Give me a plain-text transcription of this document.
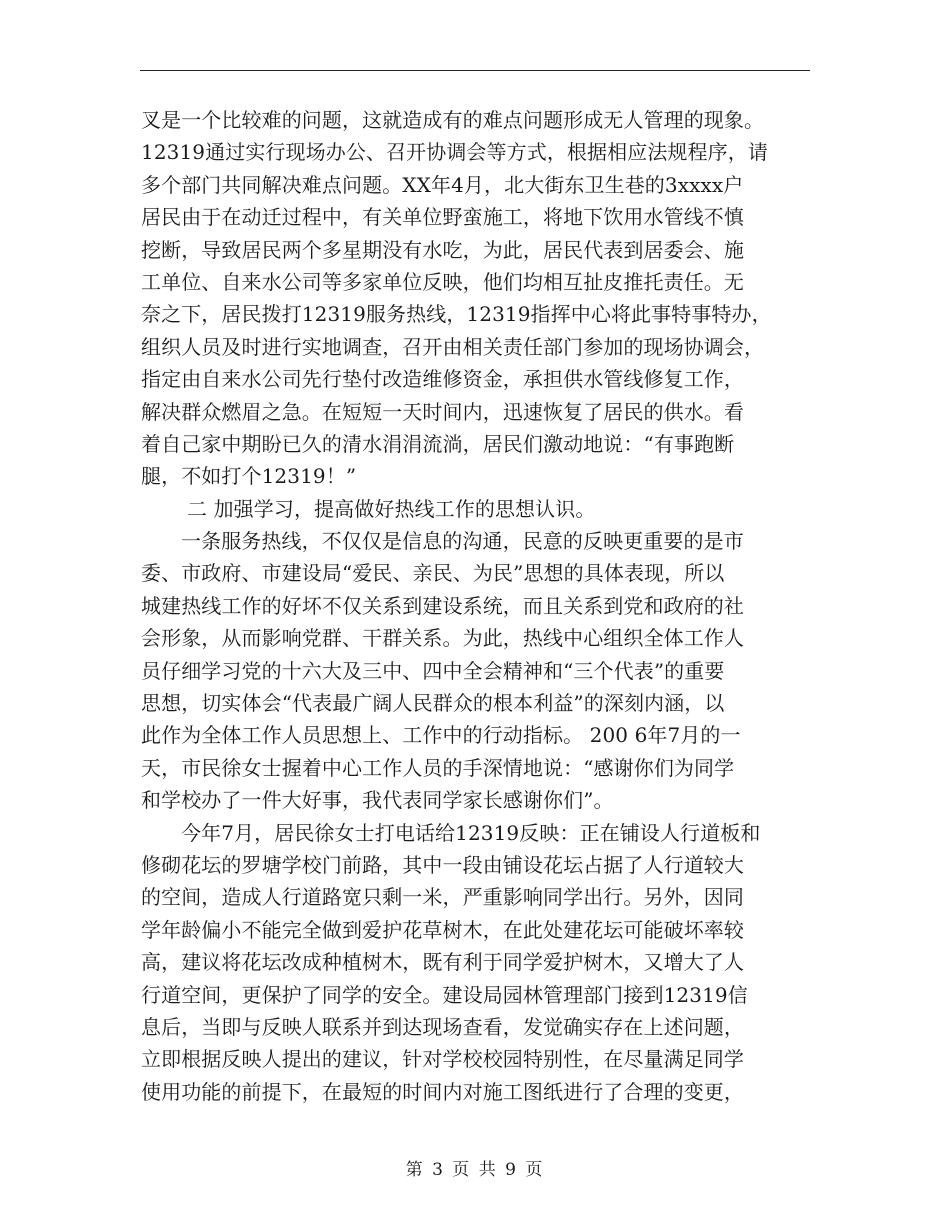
叉是一个比较难的问题，这就造成有的难点问题形成无人管理的现象。
12319通过实行现场办公、召开协调会等方式，根据相应法规程序，请
多个部门共同解决难点问题。XX年4月，北大街东卫生巷的3xxxx户
居民由于在动迁过程中，有关单位野蛮施工，将地下饮用水管线不慎
挖断，导致居民两个多星期没有水吃，为此，居民代表到居委会、施
工单位、自来水公司等多家单位反映，他们均相互扯皮推托责任。无
奈之下，居民拨打12319服务热线，12319指挥中心将此事特事特办，
组织人员及时进行实地调查，召开由相关责任部门参加的现场协调会，
指定由自来水公司先行垫付改造维修资金，承担供水管线修复工作，
解决群众燃眉之急。在短短一天时间内，迅速恢复了居民的供水。看
着自己家中期盼已久的清水涓涓流淌，居民们激动地说：“有事跑断
腿，不如打个12319！”
二 加强学习，提高做好热线工作的思想认识。
一条服务热线，不仅仅是信息的沟通，民意的反映更重要的是市
委、市政府、市建设局“爱民、亲民、为民”思想的具体表现，所以
城建热线工作的好坏不仅关系到建设系统，而且关系到党和政府的社
会形象，从而影响党群、干群关系。为此，热线中心组织全体工作人
员仔细学习党的十六大及三中、四中全会精神和“三个代表”的重要
思想，切实体会“代表最广阔人民群众的根本利益”的深刻内涵，以
此作为全体工作人员思想上、工作中的行动指标。 200 6年7月的一
天，市民徐女士握着中心工作人员的手深情地说：“感谢你们为同学
和学校办了一件大好事，我代表同学家长感谢你们”。
今年7月，居民徐女士打电话给12319反映：正在铺设人行道板和
修砌花坛的罗塘学校门前路，其中一段由铺设花坛占据了人行道较大
的空间，造成人行道路宽只剩一米，严重影响同学出行。另外，因同
学年龄偏小不能完全做到爱护花草树木，在此处建花坛可能破坏率较
高，建议将花坛改成种植树木，既有利于同学爱护树木，又增大了人
行道空间，更保护了同学的安全。建设局园林管理部门接到12319信
息后，当即与反映人联系并到达现场查看，发觉确实存在上述问题，
立即根据反映人提出的建议，针对学校校园特别性，在尽量满足同学
使用功能的前提下，在最短的时间内对施工图纸进行了合理的变更，
第 3 页 共 9 页
